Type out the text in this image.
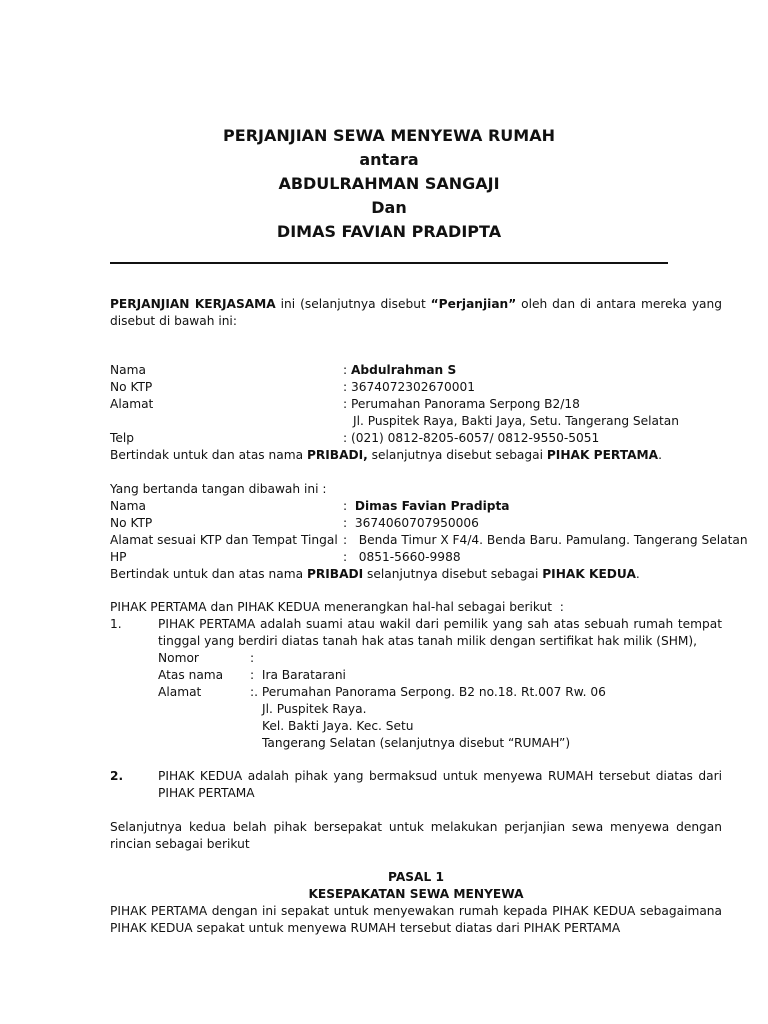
PERJANJIAN SEWA MENYEWA RUMAH
antara
ABDULRAHMAN SANGAJI
Dan
DIMAS FAVIAN PRADIPTA
PERJANJIAN KERJASAMA ini (selanjutnya disebut “Perjanjian” oleh dan di antara mereka yang disebut di bawah ini:
Nama	: Abdulrahman S
No KTP	: 3674072302670001
Alamat	: Perumahan Panorama Serpong B2/18
Jl. Puspitek Raya, Bakti Jaya, Setu. Tangerang Selatan
Telp	: (021) 0812-8205-6057/ 0812-9550-5051
Bertindak untuk dan atas nama PRIBADI, selanjutnya disebut sebagai PIHAK PERTAMA.
Yang bertanda tangan dibawah ini :
Nama	:  Dimas Favian Pradipta
No KTP	:  3674060707950006
Alamat sesuai KTP dan Tempat Tingal :   Benda Timur X F4/4. Benda Baru. Pamulang. Tangerang Selatan
HP	:   0851-5660-9988
Bertindak untuk dan atas nama PRIBADI selanjutnya disebut sebagai PIHAK KEDUA.
PIHAK PERTAMA dan PIHAK KEDUA menerangkan hal-hal sebagai berikut  :
1.	PIHAK PERTAMA adalah suami atau wakil dari pemilik yang sah atas sebuah rumah tempat tinggal yang berdiri diatas tanah hak atas tanah milik dengan sertifikat hak milik (SHM),
Nomor	:
Atas nama :  Ira Baratarani
Alamat	:. Perumahan Panorama Serpong. B2 no.18. Rt.007 Rw. 06
Jl. Puspitek Raya.
Kel. Bakti Jaya. Kec. Setu
Tangerang Selatan (selanjutnya disebut “RUMAH”)
2.	PIHAK KEDUA adalah pihak yang bermaksud untuk menyewa RUMAH tersebut diatas dari PIHAK PERTAMA
Selanjutnya kedua belah pihak bersepakat untuk melakukan perjanjian sewa menyewa dengan rincian sebagai berikut
PASAL 1
KESEPAKATAN SEWA MENYEWA
PIHAK PERTAMA dengan ini sepakat untuk menyewakan rumah kepada PIHAK KEDUA sebagaimana PIHAK KEDUA sepakat untuk menyewa RUMAH tersebut diatas dari PIHAK PERTAMA
